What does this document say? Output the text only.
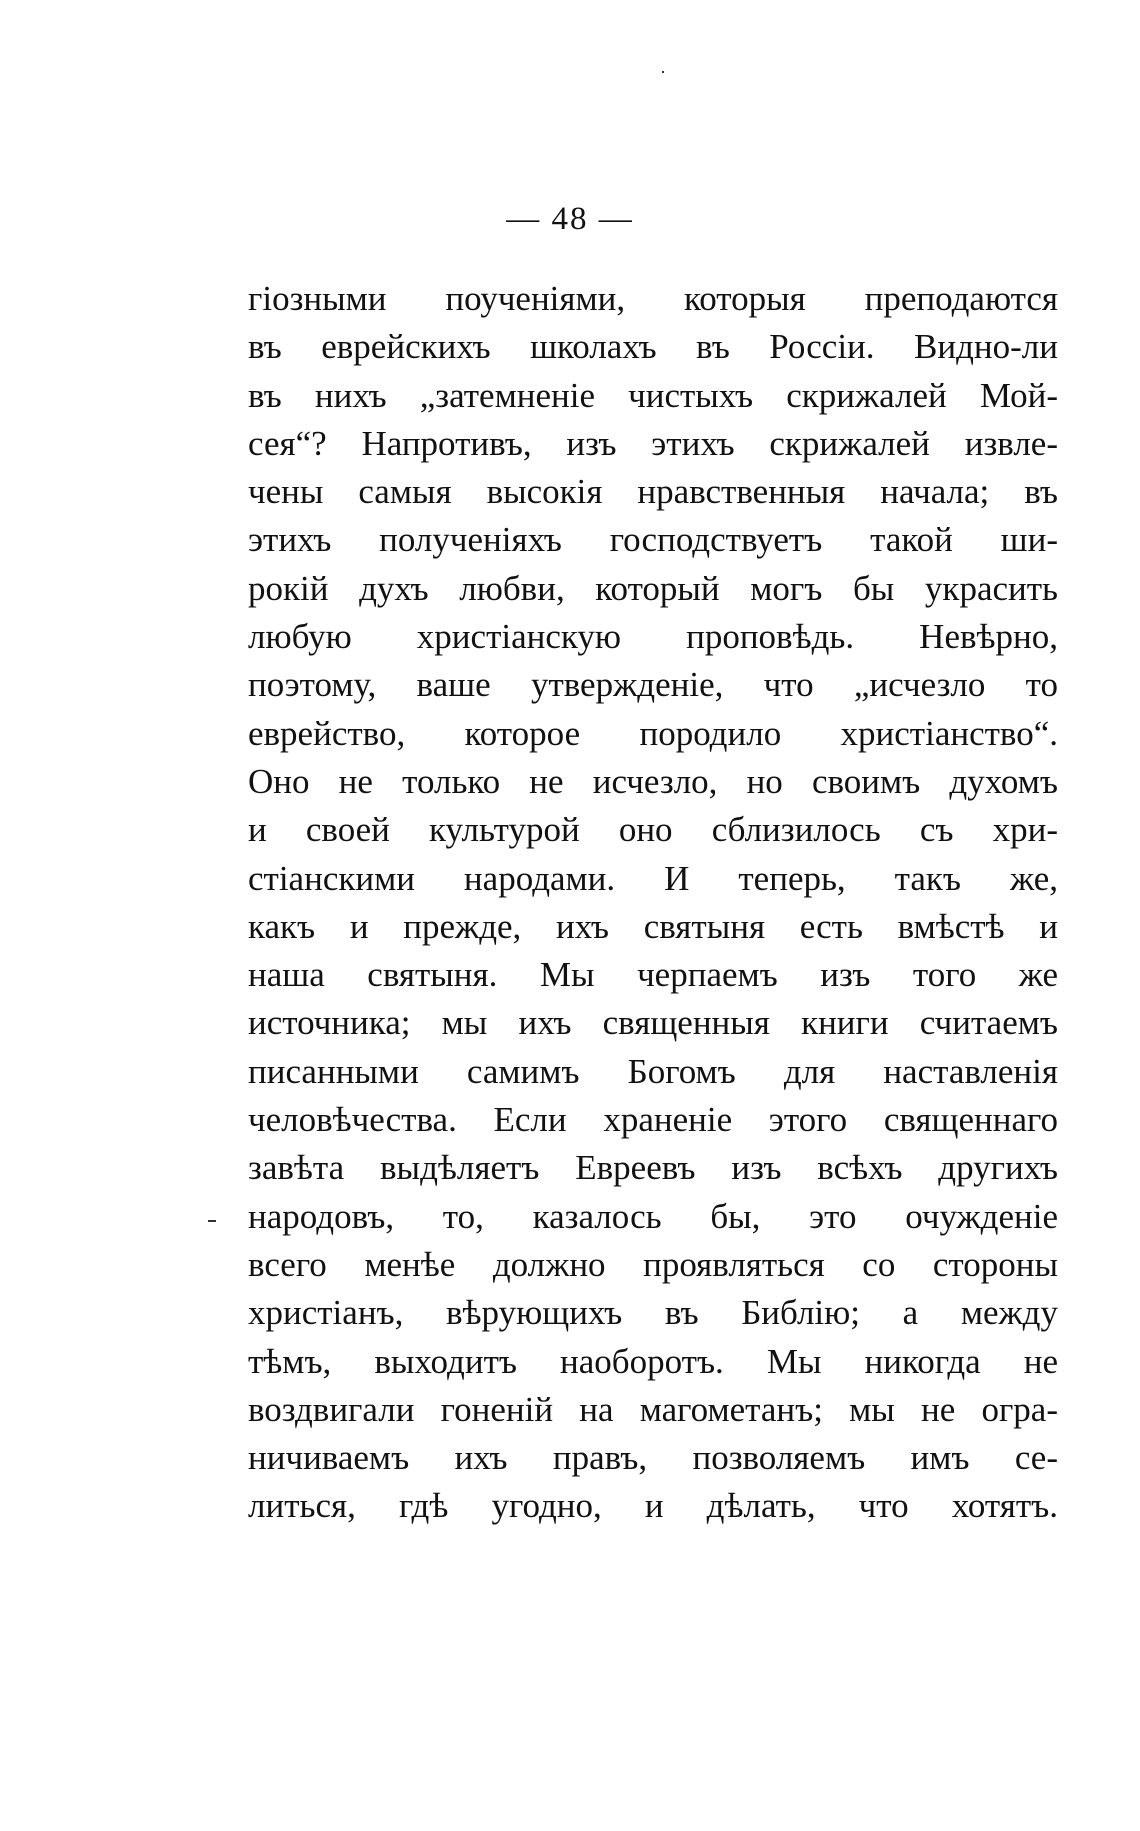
— 48 —
гіозными поученіями, которыя преподаются
въ еврейскихъ школахъ въ Россіи. Видно-ли
въ нихъ „затемненіе чистыхъ скрижалей Мой-
сея“? Напротивъ, изъ этихъ скрижалей извле-
чены самыя высокія нравственныя начала; въ
этихъ полученіяхъ господствуетъ такой ши-
рокій духъ любви, который могъ бы украсить
любую христіанскую проповѣдь. Невѣрно,
поэтому, ваше утвержденіе, что „исчезло то
еврейство, которое породило христіанство“.
Оно не только не исчезло, но своимъ духомъ
и своей культурой оно сблизилось съ хри-
стіанскими народами. И теперь, такъ же,
какъ и прежде, ихъ святыня есть вмѣстѣ и
наша святыня. Мы черпаемъ изъ того же
источника; мы ихъ священныя книги считаемъ
писанными самимъ Богомъ для наставленія
человѣчества. Если храненіе этого священнаго
завѣта выдѣляетъ Евреевъ изъ всѣхъ другихъ
народовъ, то, казалось бы, это очужденіе
всего менѣе должно проявляться со стороны
христіанъ, вѣрующихъ въ Библію; а между
тѣмъ, выходитъ наоборотъ. Мы никогда не
воздвигали гоненій на магометанъ; мы не огра-
ничиваемъ ихъ правъ, позволяемъ имъ се-
литься, гдѣ угодно, и дѣлать, что хотятъ.
